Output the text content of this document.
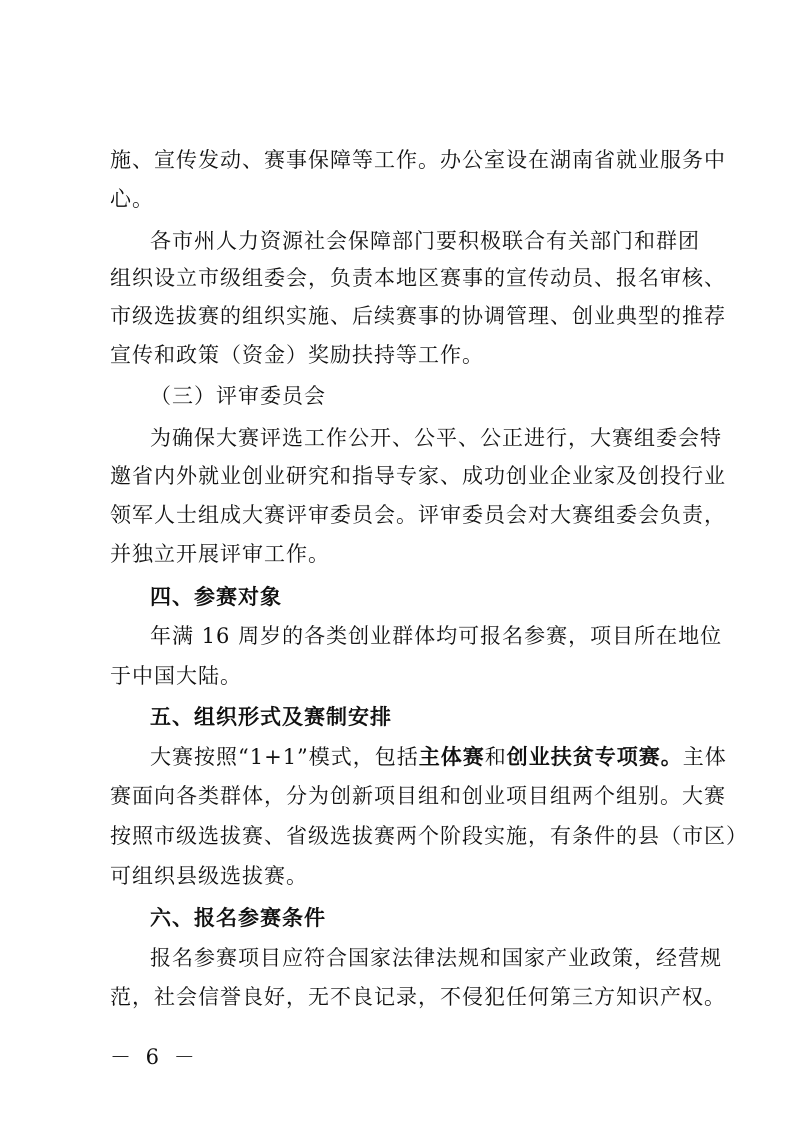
施、宣传发动、赛事保障等工作。办公室设在湖南省就业服务中
心。
各市州人力资源社会保障部门要积极联合有关部门和群团
组织设立市级组委会，负责本地区赛事的宣传动员、报名审核、
市级选拔赛的组织实施、后续赛事的协调管理、创业典型的推荐
宣传和政策（资金）奖励扶持等工作。
（三）评审委员会
为确保大赛评选工作公开、公平、公正进行，大赛组委会特
邀省内外就业创业研究和指导专家、成功创业企业家及创投行业
领军人士组成大赛评审委员会。评审委员会对大赛组委会负责，
并独立开展评审工作。
四、参赛对象
年满 16 周岁的各类创业群体均可报名参赛，项目所在地位
于中国大陆。
五、组织形式及赛制安排
大赛按照“1+1”模式，包括主体赛和创业扶贫专项赛。主体
赛面向各类群体，分为创新项目组和创业项目组两个组别。大赛
按照市级选拔赛、省级选拔赛两个阶段实施，有条件的县（市区）
可组织县级选拔赛。
六、报名参赛条件
报名参赛项目应符合国家法律法规和国家产业政策，经营规
范，社会信誉良好，无不良记录，不侵犯任何第三方知识产权。
－ 6 －
